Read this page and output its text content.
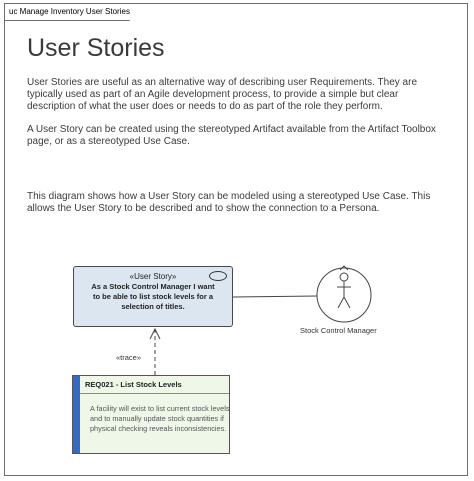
uc Manage Inventory User Stories
User Stories
User Stories are useful as an alternative way of describing user Requirements. They are typically used as part of an Agile development process, to provide a simple but clear description of what the user does or needs to do as part of the role they perform.
A User Story can be created using the stereotyped Artifact available from the Artifact Toolbox page, or as a stereotyped Use Case.
This diagram shows how a User Story can be modeled using a stereotyped Use Case. This allows the User Story to be described and to show the connection to a Persona.
«User Story»
As a Stock Control Manager I want to be able to list stock levels for a selection of titles.
Stock Control Manager
«trace»
REQ021 - List Stock Levels
A facility will exist to list current stock levels and to manually update stock quantities if physical checking reveals inconsistencies.
